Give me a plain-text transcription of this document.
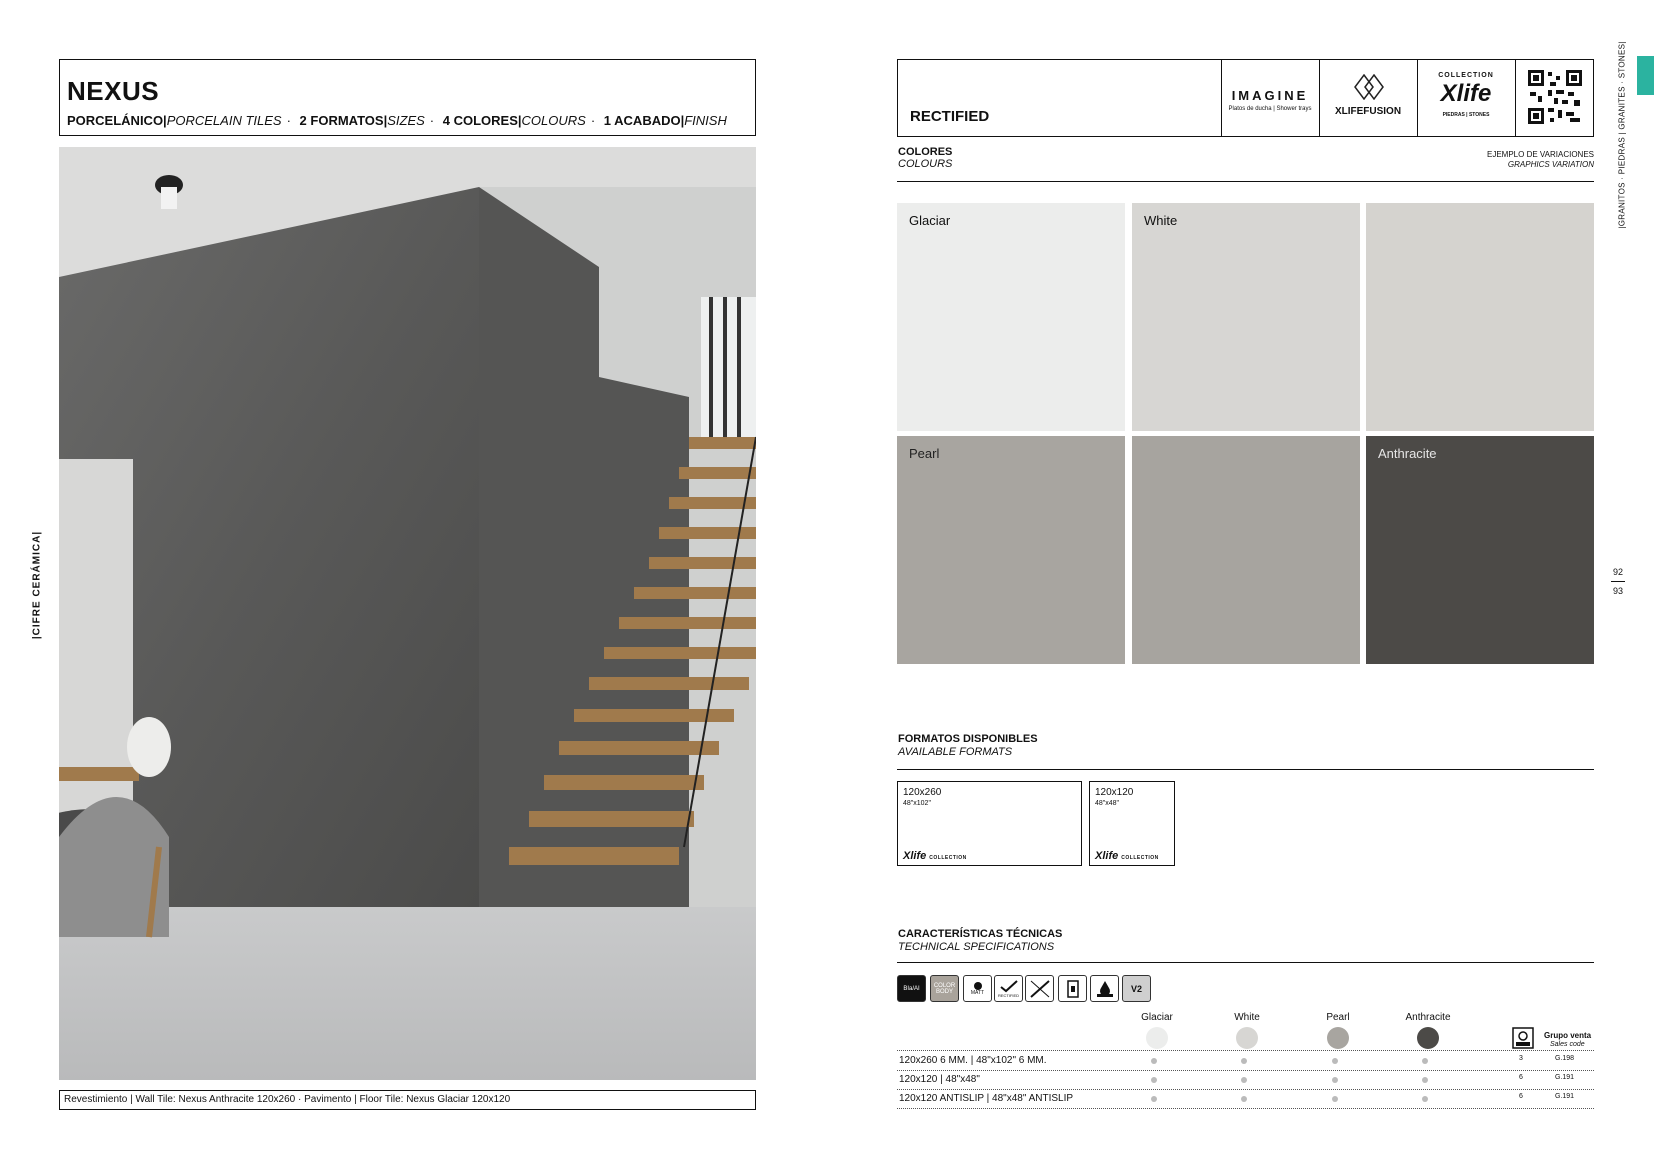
NEXUS
PORCELÁNICO|PORCELAIN TILES · 2 FORMATOS|SIZES · 4 COLORES|COLOURS · 1 ACABADO|FINISH
Revestimiento | Wall Tile: Nexus Anthracite 120x260 · Pavimento | Floor Tile: Nexus Glaciar 120x120
|CIFRE CERÁMICA|
RECTIFIED
IMAGINE
Platos de ducha | Shower trays	XLIFEFUSION
COLLECTION
Xlife
PIEDRAS | STONES
COLORES
COLOURS
EJEMPLO DE VARIACIONES
GRAPHICS VARIATION
Glaciar	White
Pearl	Anthracite
FORMATOS DISPONIBLES
AVAILABLE FORMATS
120x260
48"x102"
Xlife COLLECTION
120x120
48"x48"
Xlife COLLECTION
CARACTERÍSTICAS TÉCNICAS
TECHNICAL SPECIFICATIONS
BIa/AI	COLOR BODY	MATT	RECTIFIED
V2
Glaciar	White	Pearl	Anthracite
Grupo venta
Sales code
120x260 6 MM. | 48"x102" 6 MM.	3	G.198
120x120 | 48"x48"	6	G.191
120x120 ANTISLIP | 48"x48" ANTISLIP	6	G.191
92
93
|GRANITOS · PIEDRAS | GRANITES · STONES|
